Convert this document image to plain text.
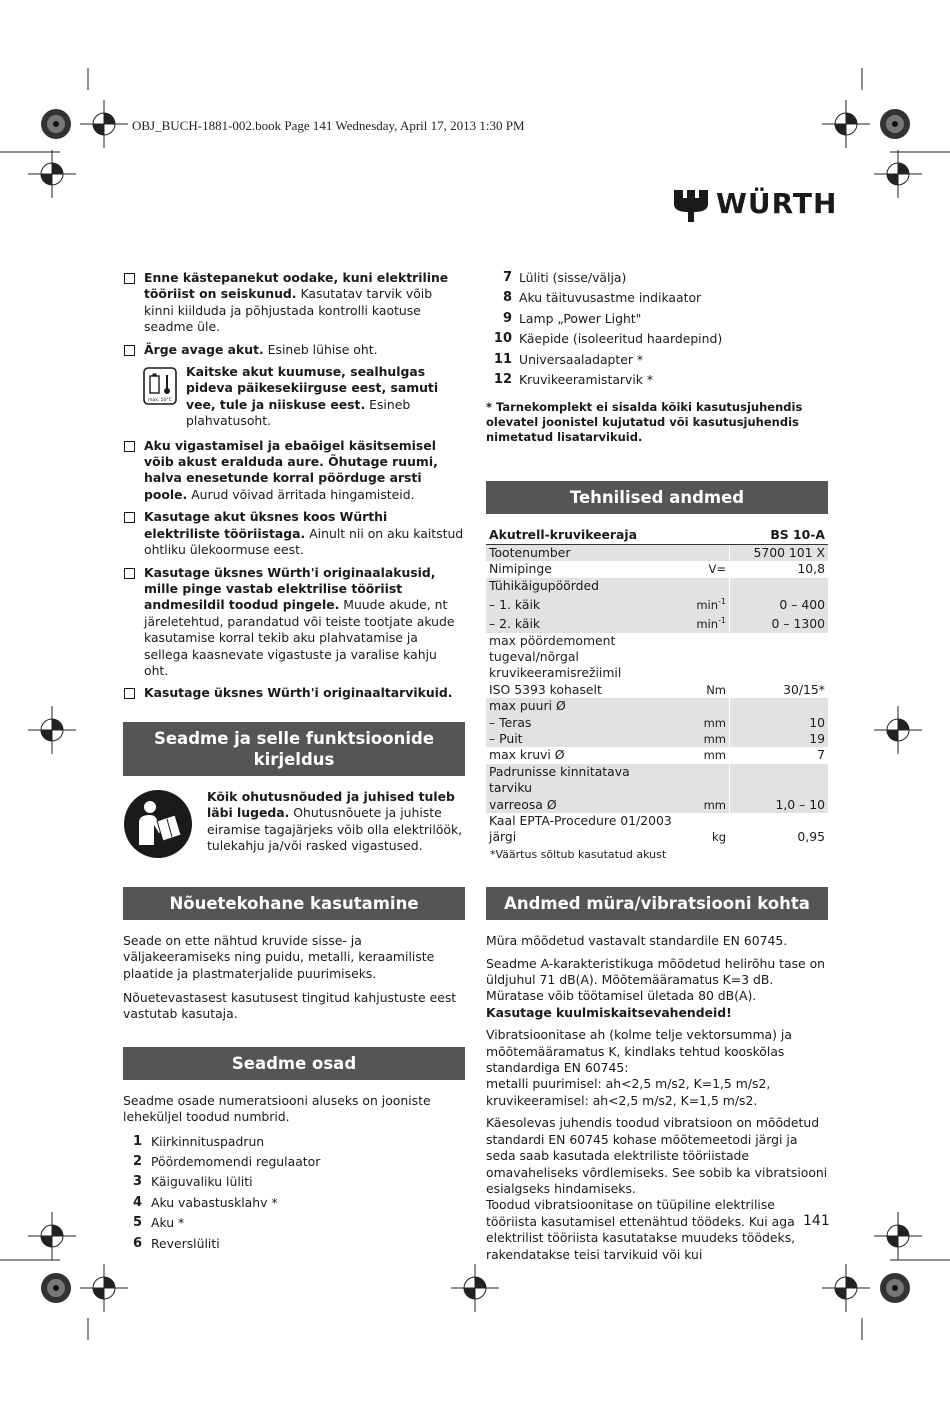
OBJ_BUCH-1881-002.book Page 141 Wednesday, April 17, 2013 1:30 PM
WÜRTH
Enne kästepanekut oodake, kuni elektriline tööriist on seiskunud. Kasutatav tarvik võib kinni kiilduda ja põhjustada kontrolli kaotuse seadme üle.
Ärge avage akut. Esineb lühise oht.
max. 50°C
Kaitske akut kuumuse, sealhulgas pideva päikesekiirguse eest, samuti vee, tule ja niiskuse eest. Esineb plahvatusoht.
Aku vigastamisel ja ebaõigel käsitsemisel võib akust eralduda aure. Õhutage ruumi, halva enesetunde korral pöörduge arsti poole. Aurud võivad ärritada hingamisteid.
Kasutage akut üksnes koos Würthi elektriliste tööriistaga. Ainult nii on aku kaitstud ohtliku ülekoormuse eest.
Kasutage üksnes Würth'i originaalakusid, mille pinge vastab elektrilise tööriist andmesildil toodud pingele. Muude akude, nt järeletehtud, parandatud või teiste tootjate akude kasutamise korral tekib aku plahvatamise ja sellega kaasnevate vigastuste ja varalise kahju oht.
Kasutage üksnes Würth'i originaaltarvikuid.
Seadme ja selle funktsioonide kirjeldus
Kõik ohutusnõuded ja juhised tuleb läbi lugeda. Ohutusnõuete ja juhiste eiramise tagajärjeks võib olla elektrilöök, tulekahju ja/või rasked vigastused.
Nõuetekohane kasutamine

Seade on ette nähtud kruvide sisse- ja väljakeeramiseks ning puidu, metalli, keraamiliste plaatide ja plastmaterjalide puurimiseks.

Nõuetevastasest kasutusest tingitud kahjustuste eest vastutab kasutaja.

Seadme osad

Seadme osade numeratsiooni aluseks on jooniste leheküljel toodud numbrid.

1 Kiirkinnituspadrun
2 Pöördemomendi regulaator
3 Käiguvaliku lüliti
4 Aku vabastusklahv *
5 Aku *
6 Reverslüliti
7 Lüliti (sisse/välja)
8 Aku täituvusastme indikaator
9 Lamp „Power Light"
10 Käepide (isoleeritud haardepind)
11 Universaaladapter *
12 Kruvikeeramistarvik *

* Tarnekomplekt ei sisalda kõiki kasutusjuhendis olevatel joonistel kujutatud või kasutusjuhendis nimetatud lisatarvikuid.

Tehnilised andmed
Akutrell-kruvikeeraja		BS 10-A
Tootenumber		5700 101 X
Nimipinge	V=	10,8
Tühikäigupöörded		
– 1. käik	$\min^{-1}$	0 – 400
– 2. käik	$\min^{-1}$	0 – 1300
max pöördemoment tugeval/nõrgal kruvikeeramisrežiimil		
ISO 5393 kohaselt	Nm	30/15*
max puuri Ø		
– Teras	mm	10
– Puit	mm	19
max kruvi Ø	mm	7
Padrunisse kinnitatava tarviku		
varreosa Ø	mm	1,0 – 10
Kaal EPTA-Procedure 01/2003		
järgi	kg	0,95
*Väärtus sõltub kasutatud akust
Andmed müra/vibratsiooni kohta

Müra mõõdetud vastavalt standardile EN 60745.

Seadme A-karakteristikuga mõõdetud helirõhu tase on üldjuhul 71 dB(A). Mõõtemääramatus K=3 dB.

Müratase võib töötamisel ületada 80 dB(A).

Kasutage kuulmiskaitsevahendeid!

Vibratsioonitase ah (kolme telje vektorsumma) ja mõõtemääramatus K, kindlaks tehtud kooskõlas standardiga EN 60745:

metalli puurimisel: ah<2,5 m/s2, K=1,5 m/s2,

kruvikeeramisel: ah<2,5 m/s2, K=1,5 m/s2.

Käesolevas juhendis toodud vibratsioon on mõõdetud standardi EN 60745 kohase mõõtemeetodi järgi ja seda saab kasutada elektriliste tööriistade omavaheliseks võrdlemiseks. See sobib ka vibratsiooni esialgseks hindamiseks.

Toodud vibratsioonitase on tüüpiline elektrilise tööriista kasutamisel ettenähtud töödeks. Kui aga elektrilist tööriista kasutatakse muudeks töödeks, rakendatakse teisi tarvikuid või kui

141
